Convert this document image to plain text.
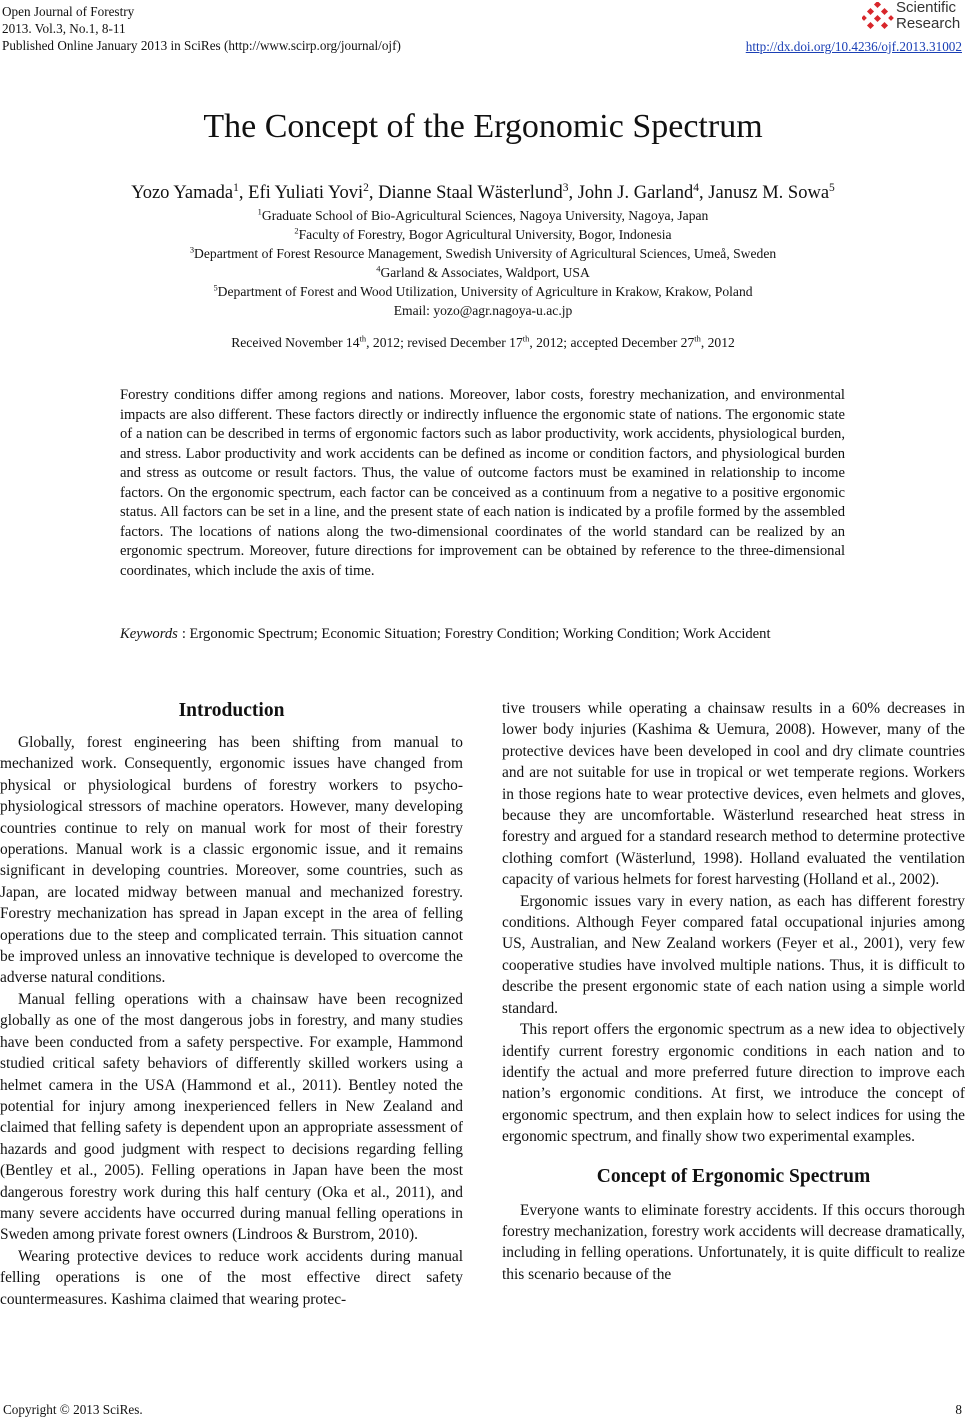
Open Journal of Forestry
2013. Vol.3, No.1, 8-11
Published Online January 2013 in SciRes (http://www.scirp.org/journal/ojf)
Scientific
Research
http://dx.doi.org/10.4236/ojf.2013.31002
The Concept of the Ergonomic Spectrum
Yozo Yamada$^1$, Efi Yuliati Yovi$^2$, Dianne Staal Wästerlund$^3$, John J. Garland$^4$, Janusz M. Sowa$^5$
$^1$Graduate School of Bio-Agricultural Sciences, Nagoya University, Nagoya, Japan
$^2$Faculty of Forestry, Bogor Agricultural University, Bogor, Indonesia
$^3$Department of Forest Resource Management, Swedish University of Agricultural Sciences, Umeå, Sweden
$^4$Garland & Associates, Waldport, USA
$^5$Department of Forest and Wood Utilization, University of Agriculture in Krakow, Krakow, Poland
Email: yozo@agr.nagoya-u.ac.jp
Received November 14th, 2012; revised December 17th, 2012; accepted December 27th, 2012
Forestry conditions differ among regions and nations. Moreover, labor costs, forestry mechanization, and environmental impacts are also different. These factors directly or indirectly influence the ergonomic state of nations. The ergonomic state of a nation can be described in terms of ergonomic factors such as labor productivity, work accidents, physiological burden, and stress. Labor productivity and work accidents can be defined as income or condition factors, and physiological burden and stress as outcome or result factors. Thus, the value of outcome factors must be examined in relationship to income factors. On the ergonomic spectrum, each factor can be conceived as a continuum from a negative to a positive ergonomic status. All factors can be set in a line, and the present state of each nation is indicated by a profile formed by the assembled factors. The locations of nations along the two-dimensional coordinates of the world standard can be realized by an ergonomic spectrum. Moreover, future directions for improvement can be obtained by reference to the three-dimensional coordinates, which include the axis of time.
Keywords : Ergonomic Spectrum; Economic Situation; Forestry Condition; Working Condition; Work Accident
Introduction

Globally, forest engineering has been shifting from manual to mechanized work. Consequently, ergonomic issues have changed from physical or physiological burdens of forestry workers to psycho-physiological stressors of machine operators. However, many developing countries continue to rely on manual work for most of their forestry operations. Manual work is a classic ergonomic issue, and it remains significant in developing countries. Moreover, some countries, such as Japan, are located midway between manual and mechanized forestry. Forestry mechanization has spread in Japan except in the area of felling operations due to the steep and complicated terrain. This situation cannot be improved unless an innovative technique is developed to overcome the adverse natural conditions.

Manual felling operations with a chainsaw have been recognized globally as one of the most dangerous jobs in forestry, and many studies have been conducted from a safety perspective. For example, Hammond studied critical safety behaviors of differently skilled workers using a helmet camera in the USA (Hammond et al., 2011). Bentley noted the potential for injury among inexperienced fellers in New Zealand and claimed that felling safety is dependent upon an appropriate assessment of hazards and good judgment with respect to decisions regarding felling (Bentley et al., 2005). Felling operations in Japan have been the most dangerous forestry work during this half century (Oka et al., 2011), and many severe accidents have occurred during manual felling operations in Sweden among private forest owners (Lindroos & Burstrom, 2010).

Wearing protective devices to reduce work accidents during manual felling operations is one of the most effective direct safety countermeasures. Kashima claimed that wearing protec-

tive trousers while operating a chainsaw results in a 60% decreases in lower body injuries (Kashima & Uemura, 2008). However, many of the protective devices have been developed in cool and dry climate countries and are not suitable for use in tropical or wet temperate regions. Workers in those regions hate to wear protective devices, even helmets and gloves, because they are uncomfortable. Wästerlund researched heat stress in forestry and argued for a standard research method to determine protective clothing comfort (Wästerlund, 1998). Holland evaluated the ventilation capacity of various helmets for forest harvesting (Holland et al., 2002).

Ergonomic issues vary in every nation, as each has different forestry conditions. Although Feyer compared fatal occupational injuries among US, Australian, and New Zealand workers (Feyer et al., 2001), very few cooperative studies have involved multiple nations. Thus, it is difficult to describe the present ergonomic state of each nation using a simple world standard.

This report offers the ergonomic spectrum as a new idea to objectively identify current forestry ergonomic conditions in each nation and to identify the actual and more preferred future direction to improve each nation’s ergonomic conditions. At first, we introduce the concept of ergonomic spectrum, and then explain how to select indices for using the ergonomic spectrum, and finally show two experimental examples.

Concept of Ergonomic Spectrum

Everyone wants to eliminate forestry accidents. If this occurs thorough forestry mechanization, forestry work accidents will decrease dramatically, including in felling operations. Unfortunately, it is quite difficult to realize this scenario because of the

Copyright © 2013 SciRes.	8
